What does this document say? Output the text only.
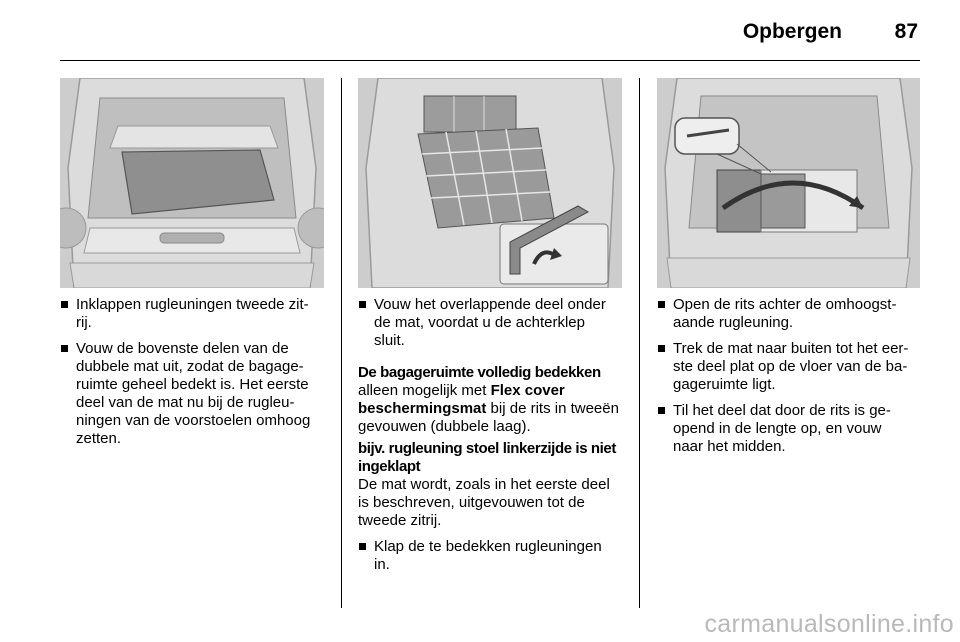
Opbergen	87
Inklappen rugleuningen tweede zit-
rij.
Vouw de bovenste delen van de
dubbele mat uit, zodat de bagage-
ruimte geheel bedekt is. Het eerste
deel van de mat nu bij de rugleu-
ningen van de voorstoelen omhoog
zetten.
Vouw het overlappende deel onder
de mat, voordat u de achterklep
sluit.

De bagageruimte volledig bedekken

alleen mogelijk met Flex cover
beschermingsmat bij de rits in tweeën
gevouwen (dubbele laag).

bijv. rugleuning stoel linkerzijde is niet
ingeklapt

De mat wordt, zoals in het eerste deel
is beschreven, uitgevouwen tot de
tweede zitrij.

Klap de te bedekken rugleuningen
in.
Open de rits achter de omhoogst-
aande rugleuning.
Trek de mat naar buiten tot het eer-
ste deel plat op de vloer van de ba-
gageruimte ligt.
Til het deel dat door de rits is ge-
opend in de lengte op, en vouw
naar het midden.
carmanualsonline.info
